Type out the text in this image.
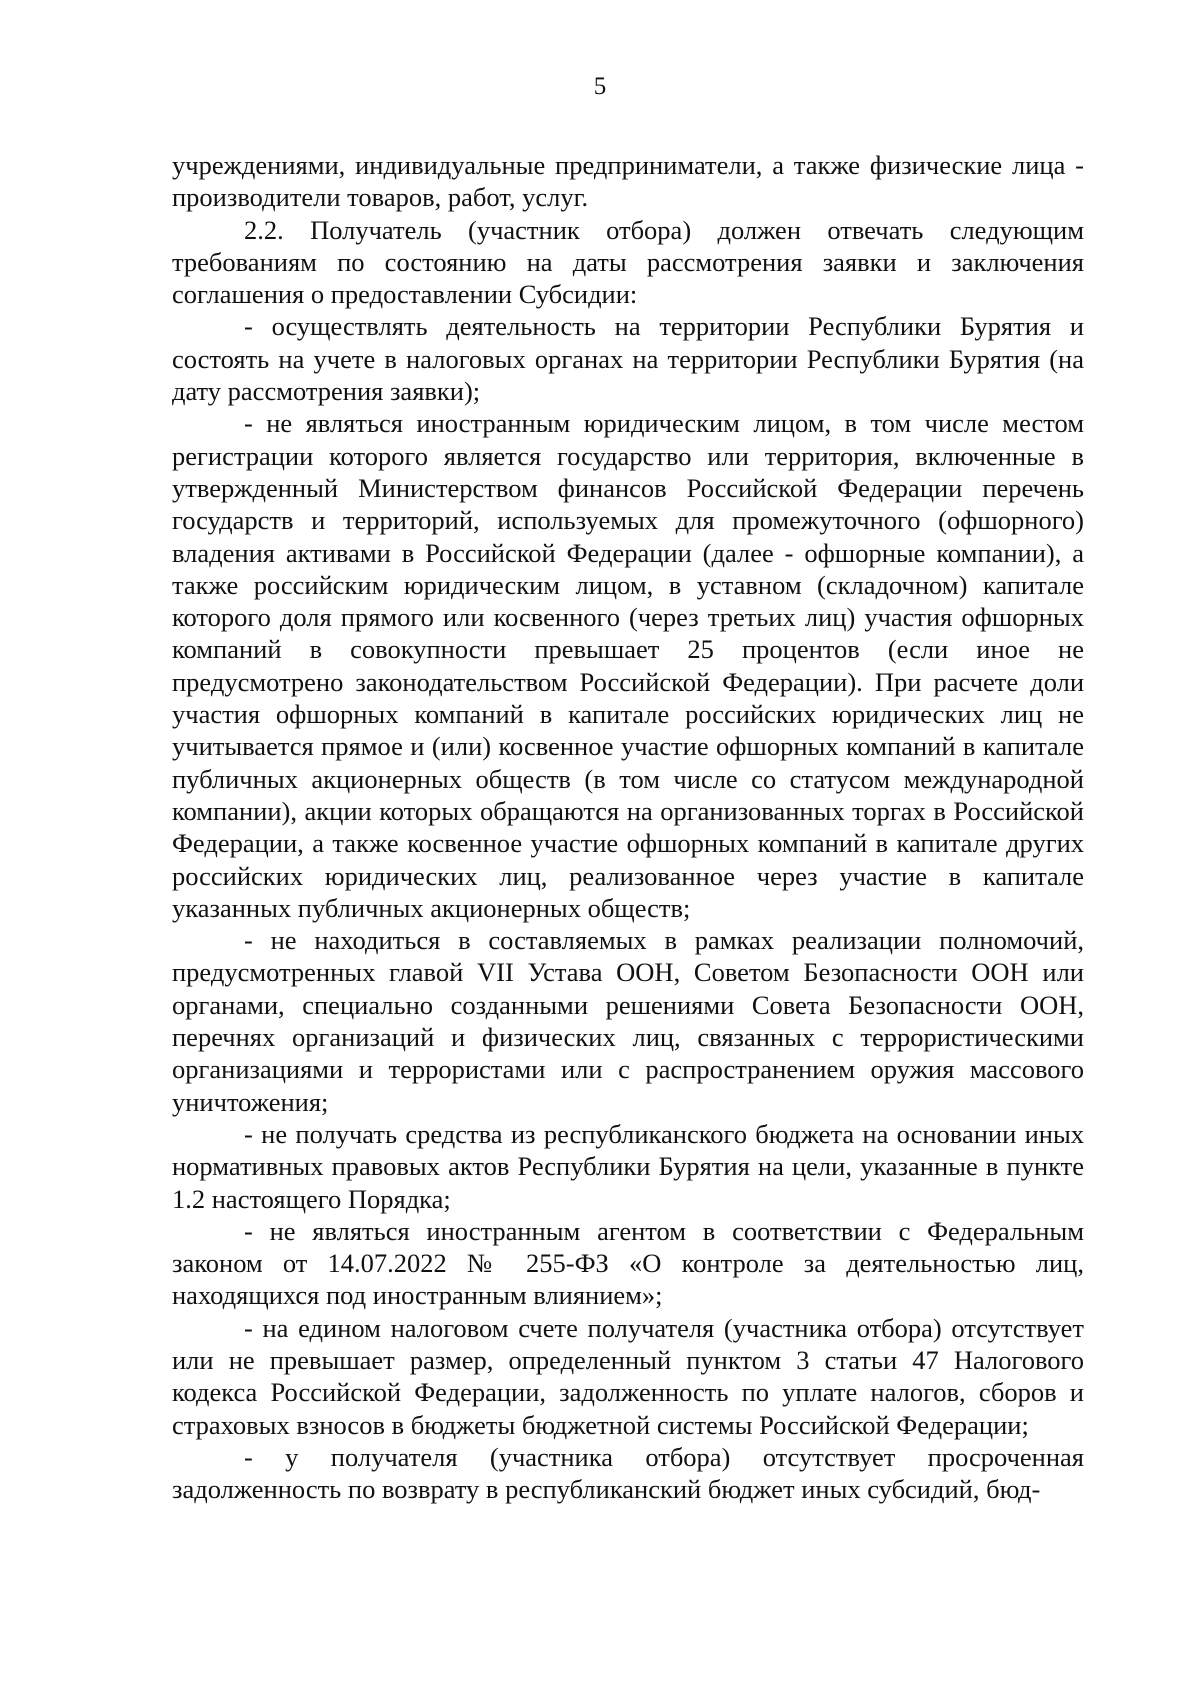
5

учреждениями, индивидуальные предприниматели, а также физические лица - производители товаров, работ, услуг.

2.2. Получатель (участник отбора) должен отвечать следующим требованиям по состоянию на даты рассмотрения заявки и заключения соглашения о предоставлении Субсидии:

- осуществлять деятельность на территории Республики Бурятия и состоять на учете в налоговых органах на территории Республики Бурятия (на дату рассмотрения заявки);

- не являться иностранным юридическим лицом, в том числе местом регистрации которого является государство или территория, включенные в утвержденный Министерством финансов Российской Федерации перечень государств и территорий, используемых для промежуточного (офшорного) владения активами в Российской Федерации (далее - офшорные компании), а также российским юридическим лицом, в уставном (складочном) капитале которого доля прямого или косвенного (через третьих лиц) участия офшорных компаний в совокупности превышает 25 процентов (если иное не предусмотрено законодательством Российской Федерации). При расчете доли участия офшорных компаний в капитале российских юридических лиц не учитывается прямое и (или) косвенное участие офшорных компаний в капитале публичных акционерных обществ (в том числе со статусом международной компании), акции которых обращаются на организованных торгах в Российской Федерации, а также косвенное участие офшорных компаний в капитале других российских юридических лиц, реализованное через участие в капитале указанных публичных акционерных обществ;

- не находиться в составляемых в рамках реализации полномочий, предусмотренных главой VII Устава ООН, Советом Безопасности ООН или органами, специально созданными решениями Совета Безопасности ООН, перечнях организаций и физических лиц, связанных с террористическими организациями и террористами или с распространением оружия массового уничтожения;

- не получать средства из республиканского бюджета на основании иных нормативных правовых актов Республики Бурятия на цели, указанные в пункте 1.2 настоящего Порядка;

- не являться иностранным агентом в соответствии с Федеральным законом от 14.07.2022 № 255-ФЗ «О контроле за деятельностью лиц, находящихся под иностранным влиянием»;

- на едином налоговом счете получателя (участника отбора) отсутствует или не превышает размер, определенный пунктом 3 статьи 47 Налогового кодекса Российской Федерации, задолженность по уплате налогов, сборов и страховых взносов в бюджеты бюджетной системы Российской Федерации;

- у получателя (участника отбора) отсутствует просроченная задолженность по возврату в республиканский бюджет иных субсидий, бюд-
